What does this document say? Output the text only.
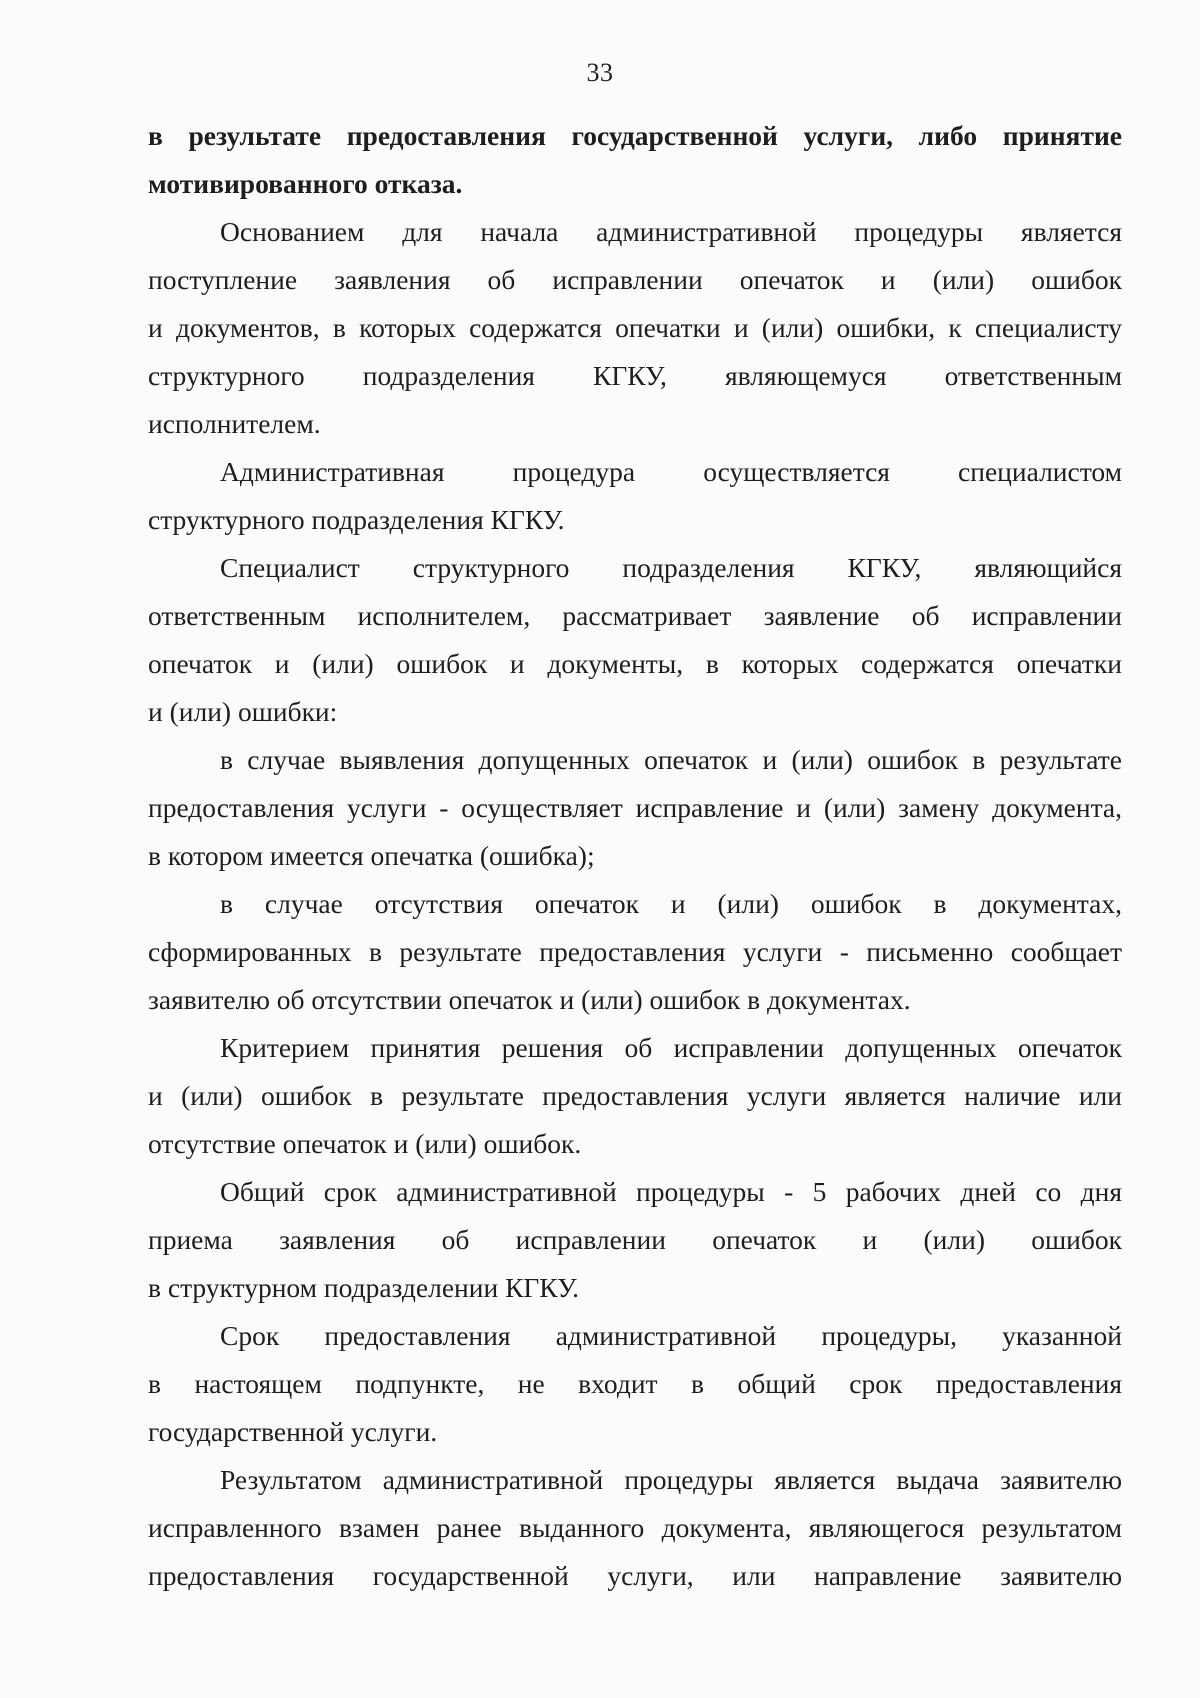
33

в результате предоставления государственной услуги, либо принятие
мотивированного отказа.

Основанием для начала административной процедуры является
поступление заявления об исправлении опечаток и (или) ошибок
и документов, в которых содержатся опечатки и (или) ошибки, к специалисту
структурного подразделения КГКУ, являющемуся ответственным
исполнителем.

Административная процедура осуществляется специалистом
структурного подразделения КГКУ.

Специалист структурного подразделения КГКУ, являющийся
ответственным исполнителем, рассматривает заявление об исправлении
опечаток и (или) ошибок и документы, в которых содержатся опечатки
и (или) ошибки:

в случае выявления допущенных опечаток и (или) ошибок в результате
предоставления услуги - осуществляет исправление и (или) замену документа,
в котором имеется опечатка (ошибка);

в случае отсутствия опечаток и (или) ошибок в документах,
сформированных в результате предоставления услуги - письменно сообщает
заявителю об отсутствии опечаток и (или) ошибок в документах.

Критерием принятия решения об исправлении допущенных опечаток
и (или) ошибок в результате предоставления услуги является наличие или
отсутствие опечаток и (или) ошибок.

Общий срок административной процедуры - 5 рабочих дней со дня
приема заявления об исправлении опечаток и (или) ошибок
в структурном подразделении КГКУ.

Срок предоставления административной процедуры, указанной
в настоящем подпункте, не входит в общий срок предоставления
государственной услуги.

Результатом административной процедуры является выдача заявителю
исправленного взамен ранее выданного документа, являющегося результатом
предоставления государственной услуги, или направление заявителю
